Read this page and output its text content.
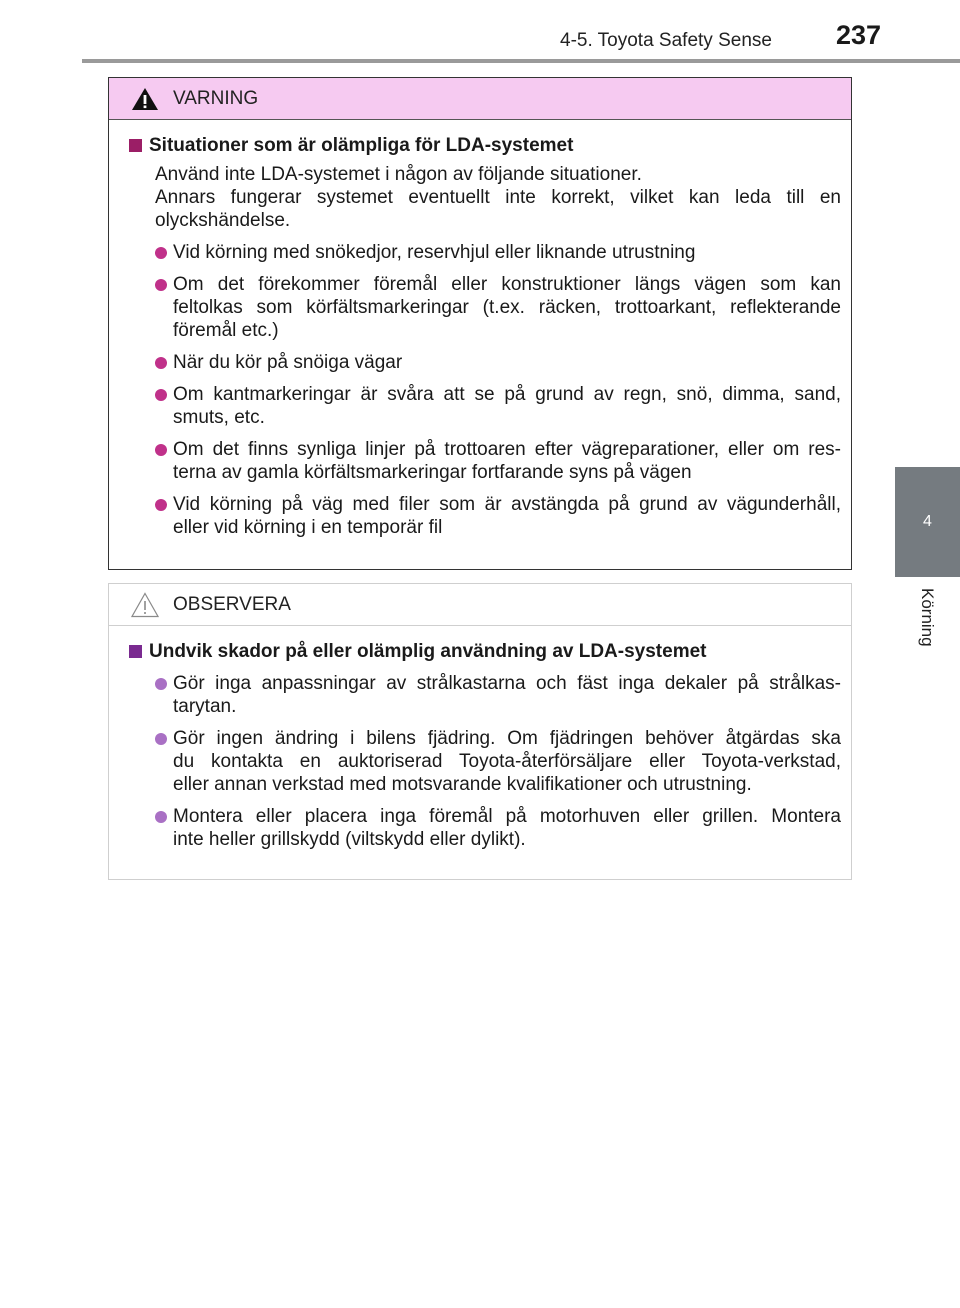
4-5. Toyota Safety Sense 237
4
Körning
VARNING
Situationer som är olämpliga för LDA-systemet
Använd inte LDA-systemet i någon av följande situationer.
Annars fungerar systemet eventuellt inte korrekt, vilket kan leda till en
olyckshändelse.
Vid körning med snökedjor, reservhjul eller liknande utrustning
Om det förekommer föremål eller konstruktioner längs vägen som kan
feltolkas som körfältsmarkeringar (t.ex. räcken, trottoarkant, reflekterande
föremål etc.)
När du kör på snöiga vägar
Om kantmarkeringar är svåra att se på grund av regn, snö, dimma, sand,
smuts, etc.
Om det finns synliga linjer på trottoaren efter vägreparationer, eller om res-
terna av gamla körfältsmarkeringar fortfarande syns på vägen
Vid körning på väg med filer som är avstängda på grund av vägunderhåll,
eller vid körning i en temporär fil
OBSERVERA
Undvik skador på eller olämplig användning av LDA-systemet
Gör inga anpassningar av strålkastarna och fäst inga dekaler på strålkas-
tarytan.
Gör ingen ändring i bilens fjädring. Om fjädringen behöver åtgärdas ska
du kontakta en auktoriserad Toyota-återförsäljare eller Toyota-verkstad,
eller annan verkstad med motsvarande kvalifikationer och utrustning.
Montera eller placera inga föremål på motorhuven eller grillen. Montera
inte heller grillskydd (viltskydd eller dylikt).
